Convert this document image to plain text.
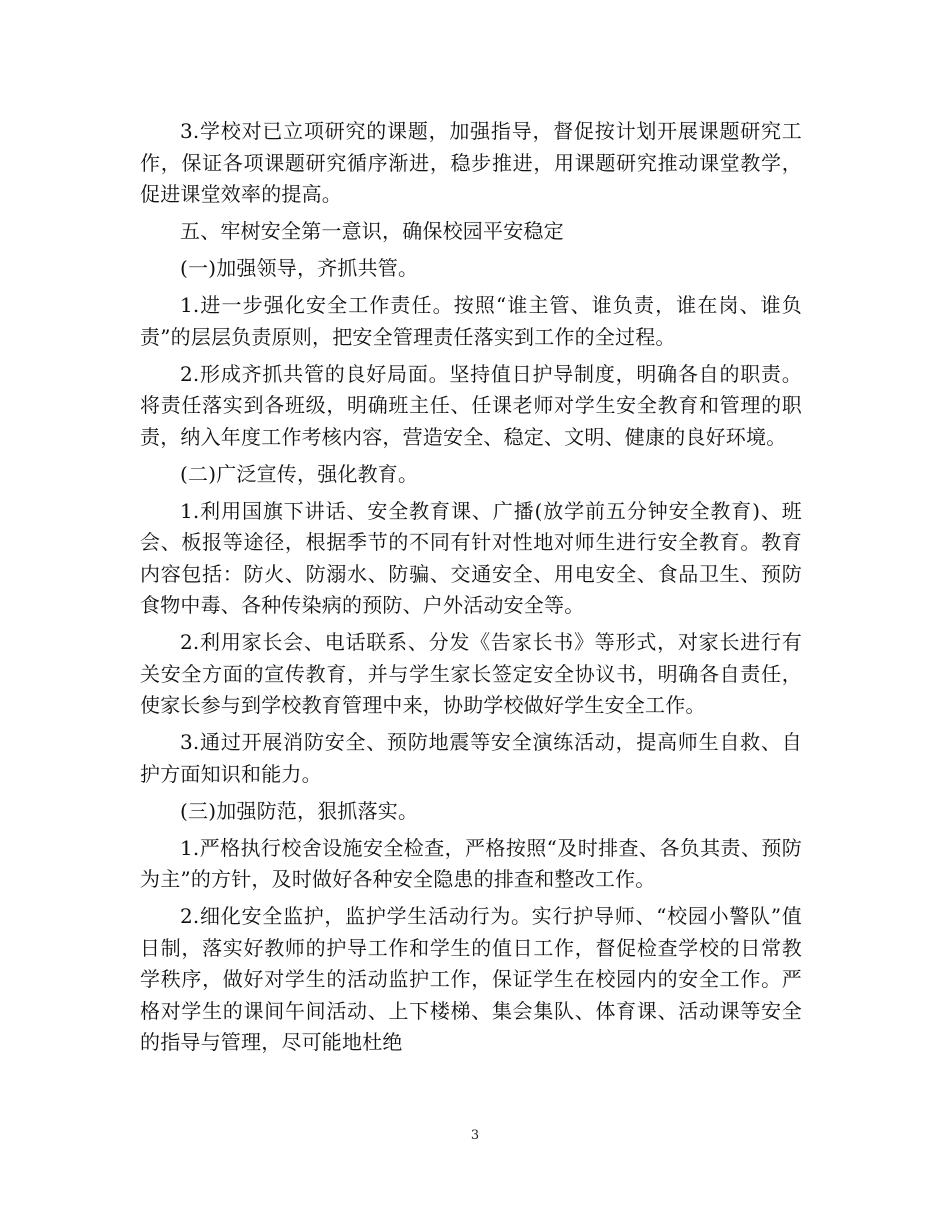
3.学校对已立项研究的课题，加强指导，督促按计划开展课题研究工作，保证各项课题研究循序渐进，稳步推进，用课题研究推动课堂教学，促进课堂效率的提高。

五、牢树安全第一意识，确保校园平安稳定

(一)加强领导，齐抓共管。

1.进一步强化安全工作责任。按照“谁主管、谁负责，谁在岗、谁负责”的层层负责原则，把安全管理责任落实到工作的全过程。

2.形成齐抓共管的良好局面。坚持值日护导制度，明确各自的职责。将责任落实到各班级，明确班主任、任课老师对学生安全教育和管理的职责，纳入年度工作考核内容，营造安全、稳定、文明、健康的良好环境。

(二)广泛宣传，强化教育。

1.利用国旗下讲话、安全教育课、广播(放学前五分钟安全教育)、班会、板报等途径，根据季节的不同有针对性地对师生进行安全教育。教育内容包括：防火、防溺水、防骗、交通安全、用电安全、食品卫生、预防食物中毒、各种传染病的预防、户外活动安全等。

2.利用家长会、电话联系、分发《告家长书》等形式，对家长进行有关安全方面的宣传教育，并与学生家长签定安全协议书，明确各自责任，使家长参与到学校教育管理中来，协助学校做好学生安全工作。

3.通过开展消防安全、预防地震等安全演练活动，提高师生自救、自护方面知识和能力。

(三)加强防范，狠抓落实。

1.严格执行校舍设施安全检查，严格按照“及时排查、各负其责、预防为主”的方针，及时做好各种安全隐患的排查和整改工作。

2.细化安全监护，监护学生活动行为。实行护导师、“校园小警队”值日制，落实好教师的护导工作和学生的值日工作，督促检查学校的日常教学秩序，做好对学生的活动监护工作，保证学生在校园内的安全工作。严格对学生的课间午间活动、上下楼梯、集会集队、体育课、活动课等安全的指导与管理，尽可能地杜绝

3
